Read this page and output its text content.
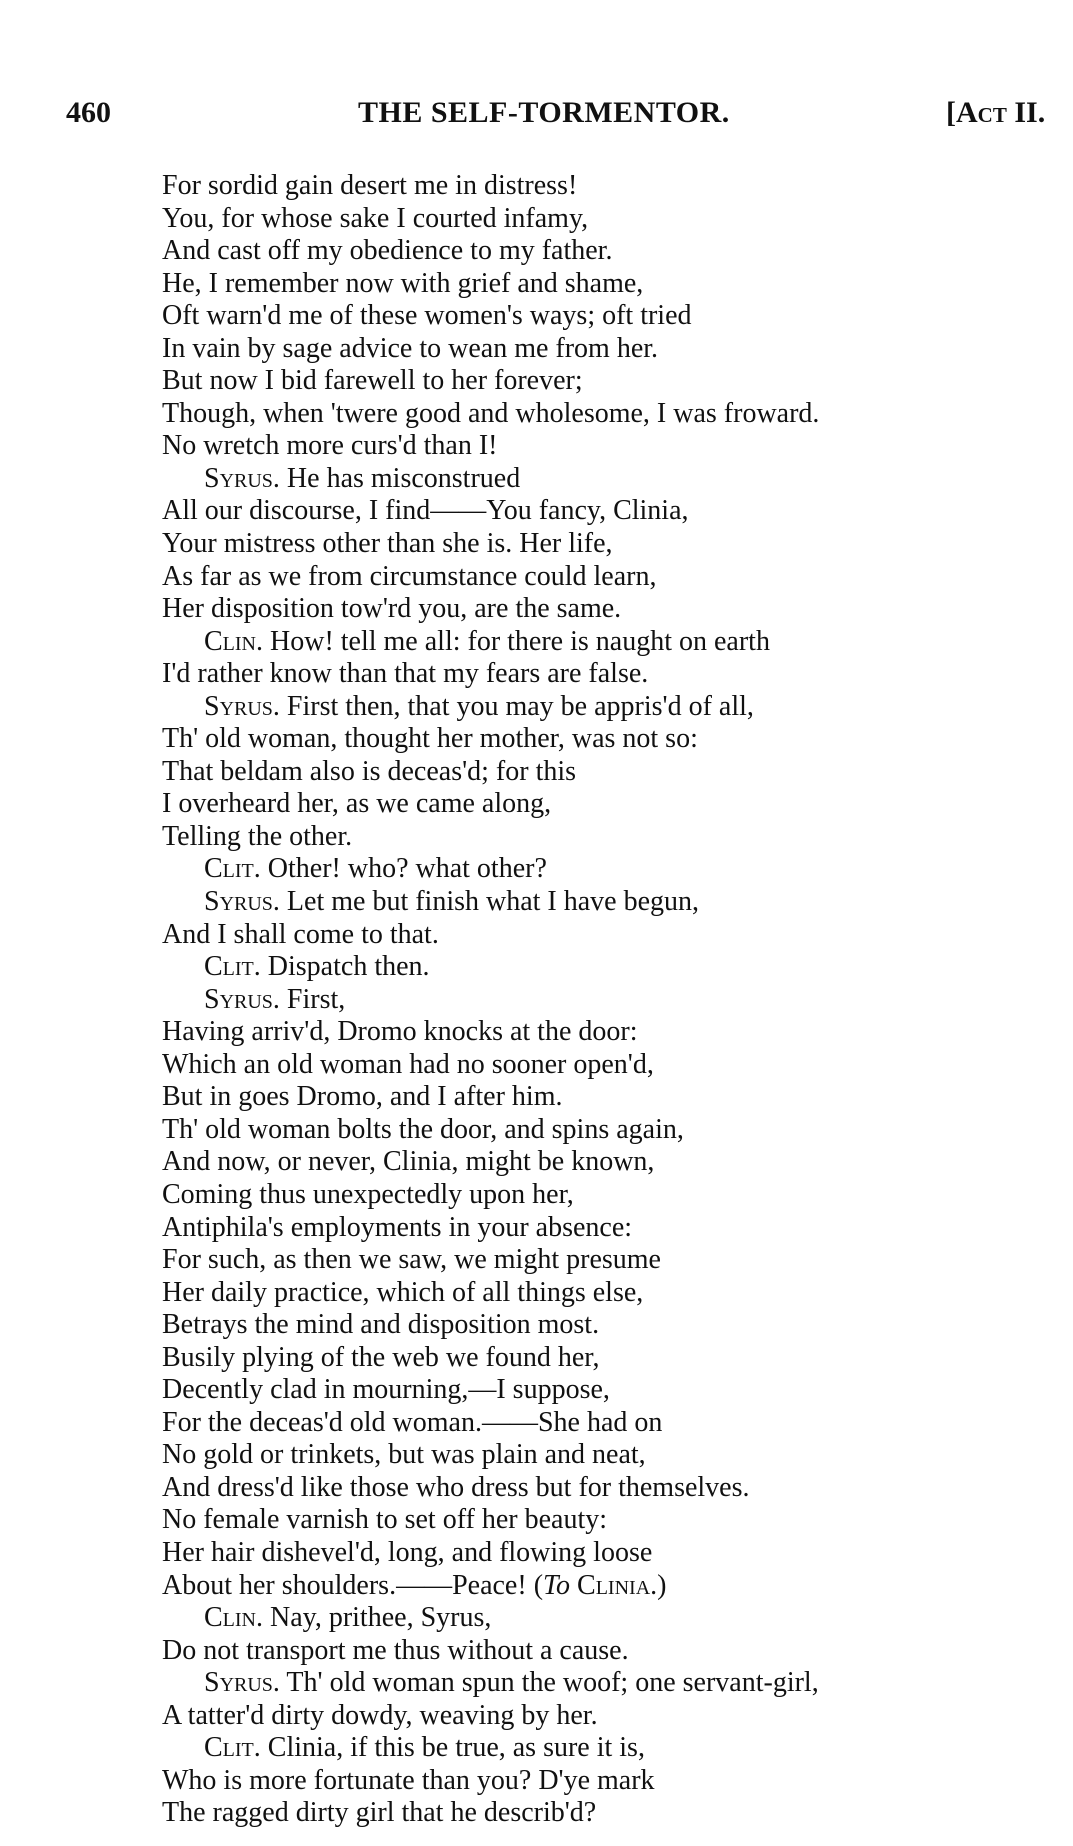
460	THE SELF-TORMENTOR.	[Act II.
For sordid gain desert me in distress!
You, for whose sake I courted infamy,
And cast off my obedience to my father.
He, I remember now with grief and shame,
Oft warn'd me of these women's ways; oft tried
In vain by sage advice to wean me from her.
But now I bid farewell to her forever;
Though, when 'twere good and wholesome, I was froward.
No wretch more curs'd than I!
Syrus. He has misconstrued
All our discourse, I find——You fancy, Clinia,
Your mistress other than she is. Her life,
As far as we from circumstance could learn,
Her disposition tow'rd you, are the same.
Clin. How! tell me all: for there is naught on earth
I'd rather know than that my fears are false.
Syrus. First then, that you may be appris'd of all,
Th' old woman, thought her mother, was not so:
That beldam also is deceas'd; for this
I overheard her, as we came along,
Telling the other.
Clit. Other! who? what other?
Syrus. Let me but finish what I have begun,
And I shall come to that.
Clit. Dispatch then.
Syrus. First,
Having arriv'd, Dromo knocks at the door:
Which an old woman had no sooner open'd,
But in goes Dromo, and I after him.
Th' old woman bolts the door, and spins again,
And now, or never, Clinia, might be known,
Coming thus unexpectedly upon her,
Antiphila's employments in your absence:
For such, as then we saw, we might presume
Her daily practice, which of all things else,
Betrays the mind and disposition most.
Busily plying of the web we found her,
Decently clad in mourning,—I suppose,
For the deceas'd old woman.——She had on
No gold or trinkets, but was plain and neat,
And dress'd like those who dress but for themselves.
No female varnish to set off her beauty:
Her hair dishevel'd, long, and flowing loose
About her shoulders.——Peace! (To Clinia.)
Clin. Nay, prithee, Syrus,
Do not transport me thus without a cause.
Syrus. Th' old woman spun the woof; one servant-girl,
A tatter'd dirty dowdy, weaving by her.
Clit. Clinia, if this be true, as sure it is,
Who is more fortunate than you? D'ye mark
The ragged dirty girl that he describ'd?
